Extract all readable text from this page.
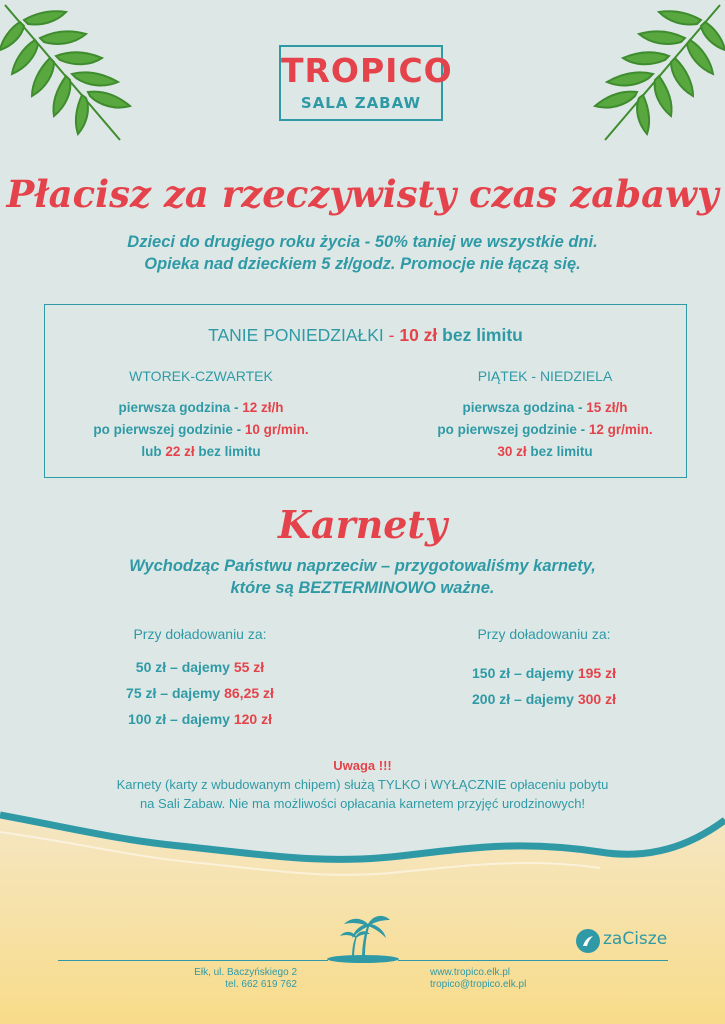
TROPICO
SALA ZABAW
Płacisz za rzeczywisty czas zabawy
Dzieci do drugiego roku życia - 50% taniej we wszystkie dni.
Opieka nad dzieckiem 5 zł/godz. Promocje nie łączą się.
TANIE PONIEDZIAŁKI - 10 zł bez limitu
WTOREK-CZWARTEK
pierwsza godzina - 12 zł/h
po pierwszej godzinie - 10 gr/min.
lub 22 zł bez limitu
PIĄTEK - NIEDZIELA
pierwsza godzina - 15 zł/h
po pierwszej godzinie - 12 gr/min.
30 zł bez limitu
Karnety
Wychodząc Państwu naprzeciw – przygotowaliśmy karnety,
które są BEZTERMINOWO ważne.
Przy doładowaniu za:
50 zł – dajemy 55 zł
75 zł – dajemy 86,25 zł
100 zł – dajemy 120 zł
Przy doładowaniu za:
150 zł – dajemy 195 zł
200 zł – dajemy 300 zł
Uwaga !!!
Karnety (karty z wbudowanym chipem) służą TYLKO i WYŁĄCZNIE opłaceniu pobytu
na Sali Zabaw. Nie ma możliwości opłacania karnetem przyjęć urodzinowych!
Ełk, ul. Baczyńskiego 2
tel. 662 619 762
www.tropico.elk.pl
tropico@tropico.elk.pl
zaCisze
